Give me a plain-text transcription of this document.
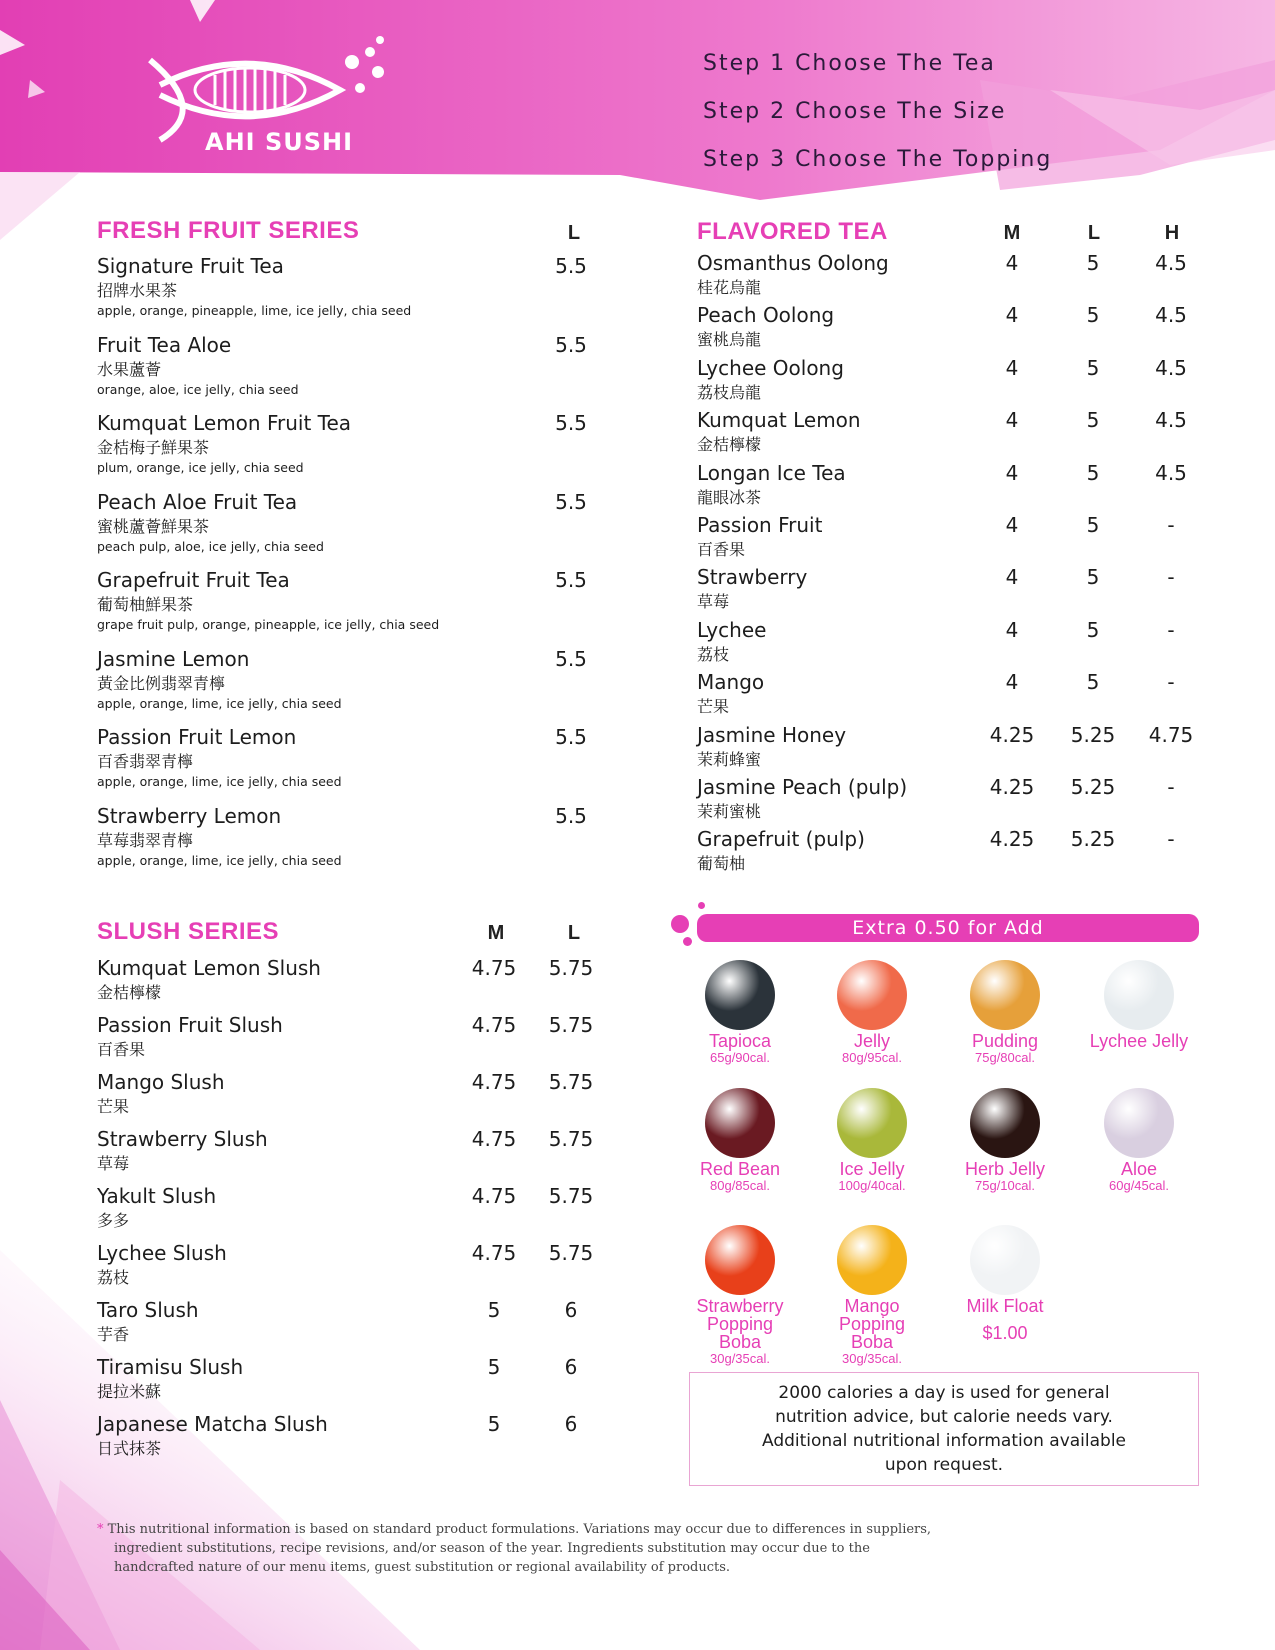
AHI SUSHI
Step 1 Choose The Tea
Step 2 Choose The Size
Step 3 Choose The Topping
FRESH FRUIT SERIES	L
Signature Fruit Tea
招牌水果茶
apple, orange, pineapple, lime, ice jelly, chia seed
5.5
Fruit Tea Aloe
水果蘆薈
orange, aloe, ice jelly, chia seed
5.5
Kumquat Lemon Fruit Tea
金桔梅子鮮果茶
plum, orange, ice jelly, chia seed
5.5
Peach Aloe Fruit Tea
蜜桃蘆薈鮮果茶
peach pulp, aloe, ice jelly, chia seed
5.5
Grapefruit Fruit Tea
葡萄柚鮮果茶
grape fruit pulp, orange, pineapple, ice jelly, chia seed
5.5
Jasmine Lemon
黃金比例翡翠青檸
apple, orange, lime, ice jelly, chia seed
5.5
Passion Fruit Lemon
百香翡翠青檸
apple, orange, lime, ice jelly, chia seed
5.5
Strawberry Lemon
草莓翡翠青檸
apple, orange, lime, ice jelly, chia seed
5.5
FLAVORED TEA	M	L	H
Osmanthus Oolong
桂花烏龍
4	5	4.5
Peach Oolong
蜜桃烏龍
4	5	4.5
Lychee Oolong
荔枝烏龍
4	5	4.5
Kumquat Lemon
金桔檸檬
4	5	4.5
Longan Ice Tea
龍眼冰茶
4	5	4.5
Passion Fruit
百香果
4	5	-
Strawberry
草莓
4	5	-
Lychee
荔枝
4	5	-
Mango
芒果
4	5	-
Jasmine Honey
茉莉蜂蜜
4.25	5.25	4.75
Jasmine Peach (pulp)
茉莉蜜桃
4.25	5.25	-
Grapefruit (pulp)
葡萄柚
4.25	5.25	-
SLUSH SERIES	M	L
Kumquat Lemon Slush
金桔檸檬
4.75	5.75
Passion Fruit Slush
百香果
4.75	5.75
Mango Slush
芒果
4.75	5.75
Strawberry Slush
草莓
4.75	5.75
Yakult Slush
多多
4.75	5.75
Lychee Slush
荔枝
4.75	5.75
Taro Slush
芋香
5	6
Tiramisu Slush
提拉米蘇
5	6
Japanese Matcha Slush
日式抹茶
5	6
Extra 0.50 for Add
Tapioca
65g/90cal.
Jelly
80g/95cal.
Pudding
75g/80cal.
Lychee Jelly
Red Bean
80g/85cal.
Ice Jelly
100g/40cal.
Herb Jelly
75g/10cal.
Aloe
60g/45cal.
Strawberry Popping Boba
30g/35cal.
Mango Popping Boba
30g/35cal.
Milk Float
$1.00
2000 calories a day is used for general
nutrition advice, but calorie needs vary.
Additional nutritional information available
upon request.
* This nutritional information is based on standard product formulations. Variations may occur due to differences in suppliers,
ingredient substitutions, recipe revisions, and/or season of the year. Ingredients substitution may occur due to the
handcrafted nature of our menu items, guest substitution or regional availability of products.
